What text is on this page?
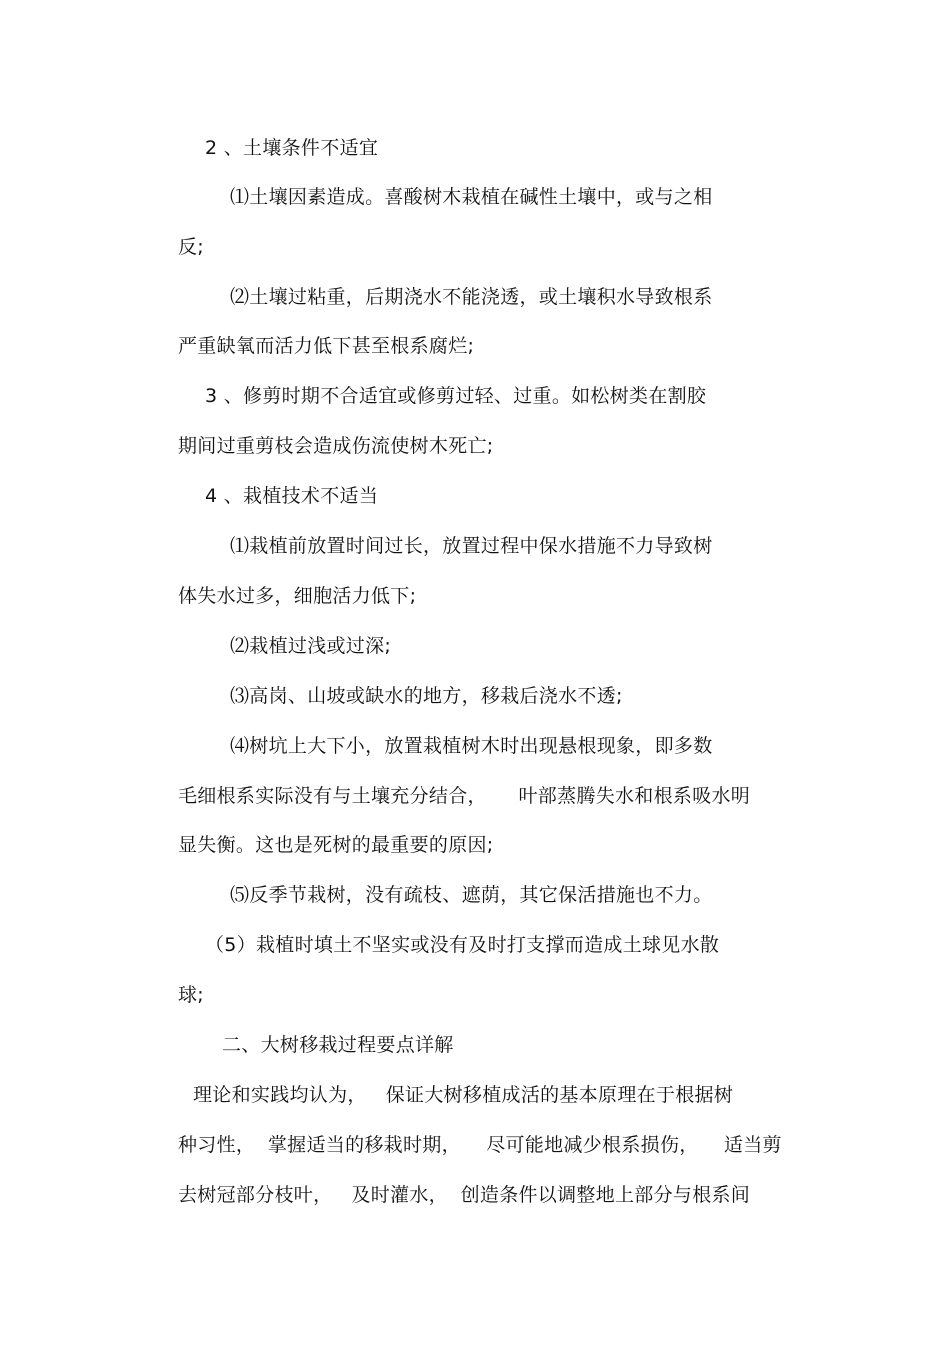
2 、土壤条件不适宜
⑴土壤因素造成。喜酸树木栽植在碱性土壤中，或与之相
反;
⑵土壤过粘重，后期浇水不能浇透，或土壤积水导致根系
严重缺氧而活力低下甚至根系腐烂;
3 、修剪时期不合适宜或修剪过轻、过重。如松树类在割胶
期间过重剪枝会造成伤流使树木死亡;
4 、栽植技术不适当
⑴栽植前放置时间过长，放置过程中保水措施不力导致树
体失水过多，细胞活力低下;
⑵栽植过浅或过深;
⑶高岗、山坡或缺水的地方，移栽后浇水不透;
⑷树坑上大下小，放置栽植树木时出现悬根现象，即多数
毛细根系实际没有与土壤充分结合，     叶部蒸腾失水和根系吸水明
显失衡。这也是死树的最重要的原因;
⑸反季节栽树，没有疏枝、遮荫，其它保活措施也不力。
（5）栽植时填土不坚实或没有及时打支撑而造成土球见水散
球;
二、大树移栽过程要点详解
理论和实践均认为，   保证大树移植成活的基本原理在于根据树
种习性，  掌握适当的移栽时期，    尽可能地减少根系损伤，    适当剪
去树冠部分枝叶，   及时灌水，  创造条件以调整地上部分与根系间
